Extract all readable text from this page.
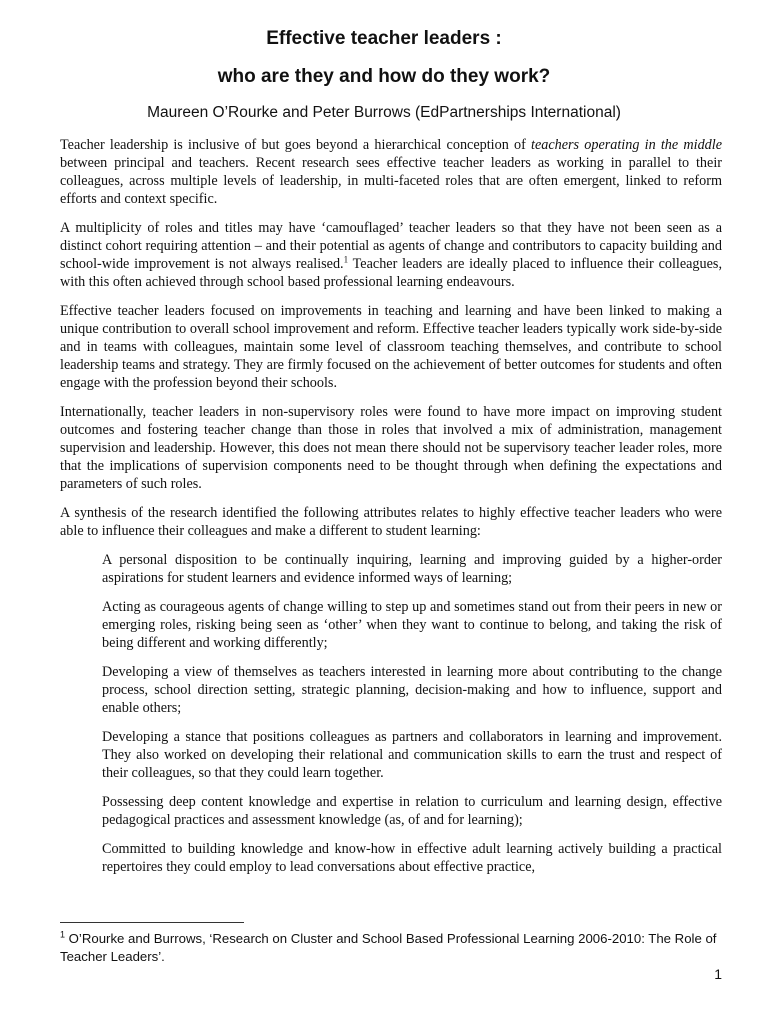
Effective teacher leaders :
who are they and how do they work?

Maureen O’Rourke and Peter Burrows (EdPartnerships International)

Teacher leadership is inclusive of but goes beyond a hierarchical conception of teachers operating in the middle between principal and teachers. Recent research sees effective teacher leaders as working in parallel to their colleagues, across multiple levels of leadership, in multi-faceted roles that are often emergent, linked to reform efforts and context specific.

A multiplicity of roles and titles may have ‘camouflaged’ teacher leaders so that they have not been seen as a distinct cohort requiring attention – and their potential as agents of change and contributors to capacity building and school-wide improvement is not always realised.$^1$ Teacher leaders are ideally placed to influence their colleagues, with this often achieved through school based professional learning endeavours.

Effective teacher leaders focused on improvements in teaching and learning and have been linked to making a unique contribution to overall school improvement and reform. Effective teacher leaders typically work side-by-side and in teams with colleagues, maintain some level of classroom teaching themselves, and contribute to school leadership teams and strategy. They are firmly focused on the achievement of better outcomes for students and often engage with the profession beyond their schools.

Internationally, teacher leaders in non-supervisory roles were found to have more impact on improving student outcomes and fostering teacher change than those in roles that involved a mix of administration, management supervision and leadership. However, this does not mean there should not be supervisory teacher leader roles, more that the implications of supervision components need to be thought through when defining the expectations and parameters of such roles.

A synthesis of the research identified the following attributes relates to highly effective teacher leaders who were able to influence their colleagues and make a different to student learning:

A personal disposition to be continually inquiring, learning and improving guided by a higher-order aspirations for student learners and evidence informed ways of learning;

Acting as courageous agents of change willing to step up and sometimes stand out from their peers in new or emerging roles, risking being seen as ‘other’ when they want to continue to belong, and taking the risk of being different and working differently;

Developing a view of themselves as teachers interested in learning more about contributing to the change process, school direction setting, strategic planning, decision-making and how to influence, support and enable others;

Developing a stance that positions colleagues as partners and collaborators in learning and improvement. They also worked on developing their relational and communication skills to earn the trust and respect of their colleagues, so that they could learn together.

Possessing deep content knowledge and expertise in relation to curriculum and learning design, effective pedagogical practices and assessment knowledge (as, of and for learning);

Committed to building knowledge and know-how in effective adult learning actively building a practical repertoires they could employ to lead conversations about effective practice,

$^1$ O’Rourke and Burrows, ‘Research on Cluster and School Based Professional Learning 2006-2010: The Role of Teacher Leaders’.

1
